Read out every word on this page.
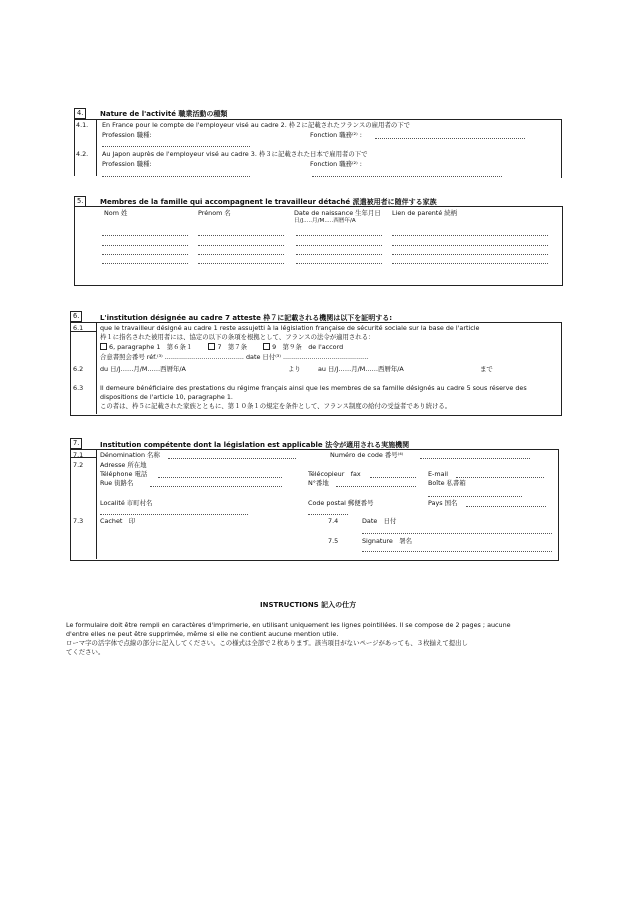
4.	Nature de l'activité 職業活動の種類
4.1. En France pour le compte de l'employeur visé au cadre 2. 枠２に記載されたフランスの雇用者の下で
Profession 職種:	Fonction 職務⁽²⁾ :
4.2. Au Japon auprès de l'employeur visé au cadre 3. 枠３に記載された日本で雇用者の下で
Profession 職種:	Fonction 職務⁽²⁾ :
5.	Membres de la famille qui accompagnent le travailleur détaché 派遣被用者に随伴する家族
Nom 姓	Prénom 名	Date de naissance 生年月日 Lien de parenté 続柄
日/J.....月/M.....西暦年/A
6.	L'institution désignée au cadre 7 atteste 枠７に記載される機関は以下を証明する:
6.1	que le travailleur désigné au cadre 1 reste assujetti à la législation française de sécurité sociale sur la base de l'article
枠１に指名された被用者には、協定の以下の条項を根拠として、フランスの法令が適用される：
6, paragraphe 1　第６条１	7　第７条	9　第９条　de l'accord
合意書照会番号 réf.⁽³⁾ ....................................... date 日付⁽³⁾ ..........................................
6.2	du 日/J……月/M……西暦年/A	より	au 日/J……月/M……西暦年/A	まで
6.3	Il demeure bénéficiaire des prestations du régime français ainsi que les membres de sa famille désignés au cadre 5 sous réserve des
dispositions de l'article 10, paragraphe 1.
この者は、枠５に記載された家族とともに、第１０条１の規定を条件として、フランス制度の給付の受益者であり続ける。
7.	Institution compétente dont la législation est applicable 法令が適用される実施機関
7.1	Dénomination 名称	Numéro de code 番号⁽⁴⁾
7.2	Adresse 所在地
Téléphone 電話	Télécopieur　fax	E-mail
Rue 街路名	N°番地	Boîte 私書箱
Localité 市町村名	Code postal 郵便番号	Pays 国名
7.3	Cachet　印	7.4	Date　日付
7.5	Signature　署名
INSTRUCTIONS 記入の仕方
Le formulaire doit être rempli en caractères d'imprimerie, en utilisant uniquement les lignes pointillées. Il se compose de 2 pages ; aucune
d'entre elles ne peut être supprimée, même si elle ne contient aucune mention utile.
ローマ字の活字体で点線の部分に記入してください。この様式は全部で２枚あります。該当項目がないページがあっても、３枚揃えて提出し
てください。
